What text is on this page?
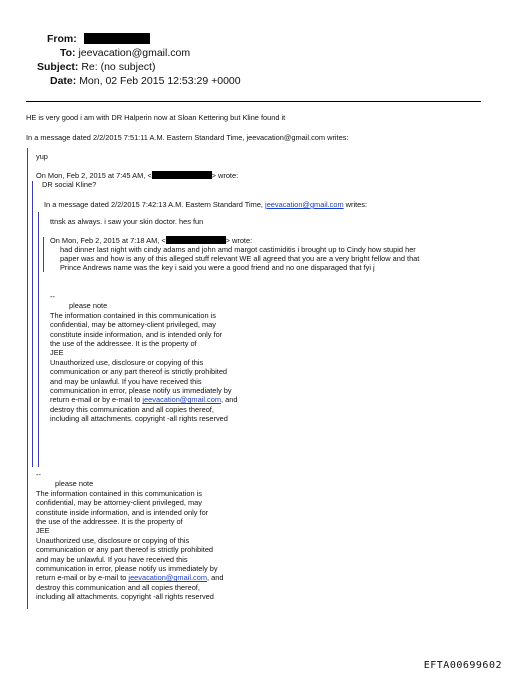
From:
To: jeevacation@gmail.com
Subject: Re: (no subject)
Date: Mon, 02 Feb 2015 12:53:29 +0000
HE is very good i am with DR Halperin now at Sloan Kettering but Kline found it
In a message dated 2/2/2015 7:51:11 A.M. Eastern Standard Time, jeevacation@gmail.com writes:
yup
On Mon, Feb 2, 2015 at 7:45 AM, <	> wrote:
DR social Kline?
In a message dated 2/2/2015 7:42:13 A.M. Eastern Standard Time, jeevacation@gmail.com writes:
ttnsk as always. i saw your skin doctor. hes fun
On Mon, Feb 2, 2015 at 7:18 AM, <	> wrote:
had dinner last night with cindy adams and john amd margot castimiditis i brought up to Cindy how stupid her
paper was and how is any of this alleged stuff relevant WE all agreed that you are a very bright fellow and that
Prince Andrews name was the key i said you were a good friend and no one disparaged that fyi j
--
please note
The information contained in this communication is
confidential, may be attorney-client privileged, may
constitute inside information, and is intended only for
the use of the addressee. It is the property of
JEE
Unauthorized use, disclosure or copying of this
communication or any part thereof is strictly prohibited
and may be unlawful. If you have received this
communication in error, please notify us immediately by
return e-mail or by e-mail to jeevacation@gmail.com, and
destroy this communication and all copies thereof,
including all attachments. copyright -all rights reserved
--
please note
The information contained in this communication is
confidential, may be attorney-client privileged, may
constitute inside information, and is intended only for
the use of the addressee. It is the property of
JEE
Unauthorized use, disclosure or copying of this
communication or any part thereof is strictly prohibited
and may be unlawful. If you have received this
communication in error, please notify us immediately by
return e-mail or by e-mail to jeevacation@gmail.com, and
destroy this communication and all copies thereof,
including all attachments. copyright -all rights reserved
EFTA00699602
